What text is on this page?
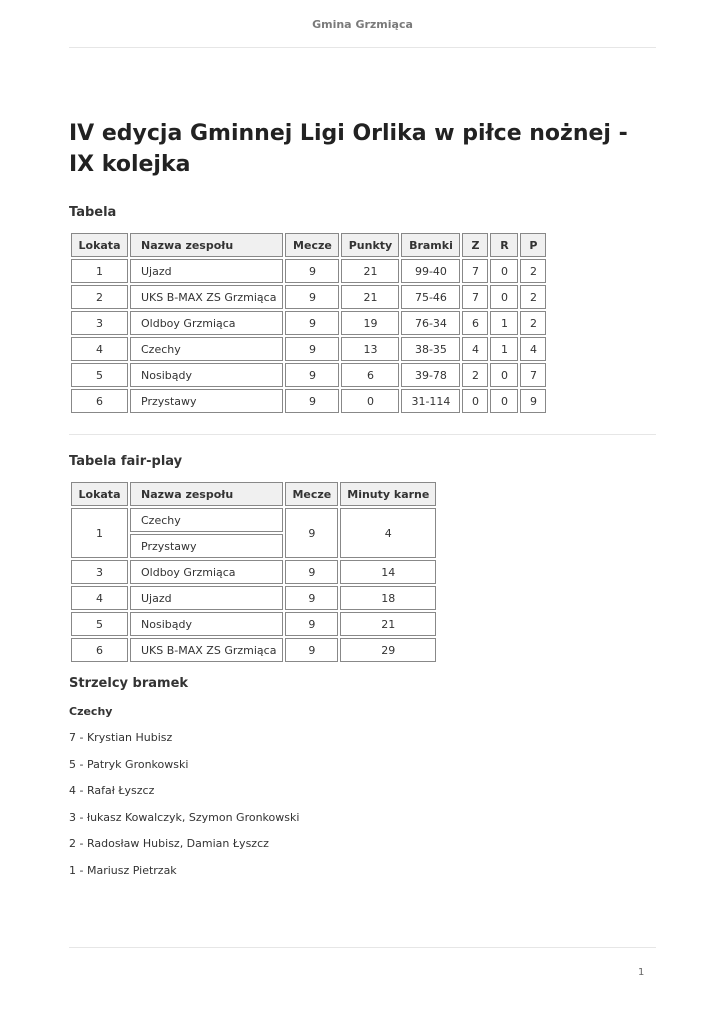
Gmina Grzmiąca
IV edycja Gminnej Ligi Orlika w piłce nożnej - IX kolejka
Tabela
Lokata	Nazwa zespołu	Mecze	Punkty	Bramki	Z	R	P
1	Ujazd	9	21	99-40	7	0	2
2	UKS B-MAX ZS Grzmiąca	9	21	75-46	7	0	2
3	Oldboy Grzmiąca	9	19	76-34	6	1	2
4	Czechy	9	13	38-35	4	1	4
5	Nosibądy	9	6	39-78	2	0	7
6	Przystawy	9	0	31-114	0	0	9
Tabela fair-play
Lokata	Nazwa zespołu	Mecze	Minuty karne
1	Czechy	9	4
	Przystawy		
3	Oldboy Grzmiąca	9	14
4	Ujazd	9	18
5	Nosibądy	9	21
6	UKS B-MAX ZS Grzmiąca	9	29
Strzelcy bramek
Czechy

7 - Krystian Hubisz

5 - Patryk Gronkowski

4 - Rafał Łyszcz

3 - łukasz Kowalczyk, Szymon Gronkowski

2 - Radosław Hubisz, Damian Łyszcz

1 - Mariusz Pietrzak

1
